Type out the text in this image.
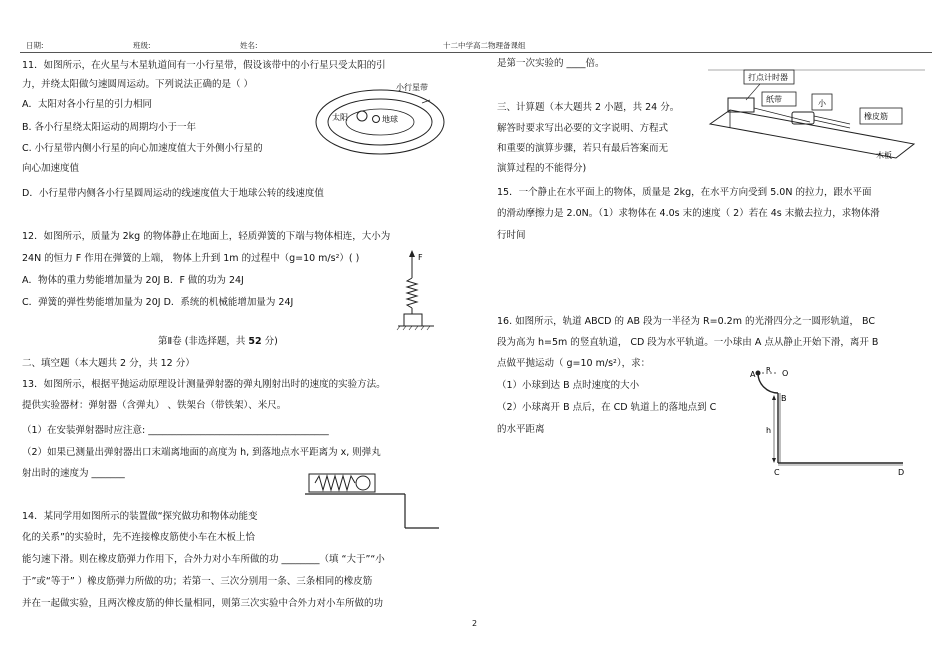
日期:	班级:	姓名:	十二中学高二物理备课组
11．如图所示，在火星与木星轨道间有一小行星带，假设该带中的小行星只受太阳的引
力，并绕太阳做匀速圆周运动。下列说法正确的是（ ）
A．太阳对各小行星的引力相同
B. 各小行星绕太阳运动的周期均小于一年
C. 小行星带内侧小行星的向心加速度值大于外侧小行星的
向心加速度值
D．小行星带内侧各小行星圆周运动的线速度值大于地球公转的线速度值
小行星带
太阳	地球
12．如图所示，质量为 2kg 的物体静止在地面上，轻质弹簧的下端与物体相连，大小为
24N 的恒力 F 作用在弹簧的上端， 物体上升到 1m 的过程中（g=10 m/s²）( )
A．物体的重力势能增加量为 20J B．F 做的功为 24J
C．弹簧的弹性势能增加量为 20J D．系统的机械能增加量为 24J
F
第Ⅱ卷 (非选择题，共 52 分)
二、填空题（本大题共 2 分，共 12 分）
13．如图所示，根据平抛运动原理设计测量弹射器的弹丸刚射出时的速度的实验方法。
提供实验器材：弹射器（含弹丸） 、铁架台（带铁架）、米尺。
（1）在安装弹射器时应注意: ______________________________________
（2）如果已测量出弹射器出口末端离地面的高度为 h, 到落地点水平距离为 x, 则弹丸
射出时的速度为 _______
14．某同学用如图所示的装置做“探究做功和物体动能变
化的关系”的实验时，先不连接橡皮筋使小车在木板上恰
能匀速下滑。则在橡皮筋弹力作用下，合外力对小车所做的功 ________（填 “大于”“小
于”或“等于” ）橡皮筋弹力所做的功；若第一、三次分别用一条、三条相同的橡皮筋
并在一起做实验，且两次橡皮筋的伸长量相同，则第三次实验中合外力对小车所做的功
是第一次实验的 ____倍。
打点计时器
纸带	小
橡皮筋
木板
三、计算题（本大题共 2 小题，共 24 分。
解答时要求写出必要的文字说明、方程式
和重要的演算步骤，若只有最后答案而无
演算过程的不能得分)
15．一个静止在水平面上的物体，质量是 2kg，在水平方向受到 5.0N 的拉力，跟水平面
的滑动摩擦力是 2.0N。（1）求物体在 4.0s 末的速度（ 2）若在 4s 末撤去拉力，求物体滑
行时间
16. 如图所示，轨道 ABCD 的 AB 段为一半径为 R=0.2m 的光滑四分之一圆形轨道， BC
段为高为 h=5m 的竖直轨道， CD 段为水平轨道。一小球由 A 点从静止开始下滑，离开 B
点做平抛运动（ g=10 m/s²），求：
（1）小球到达 B 点时速度的大小
（2）小球离开 B 点后，在 CD 轨道上的落地点到 C
的水平距离
A R O
B
h
C	D
2
